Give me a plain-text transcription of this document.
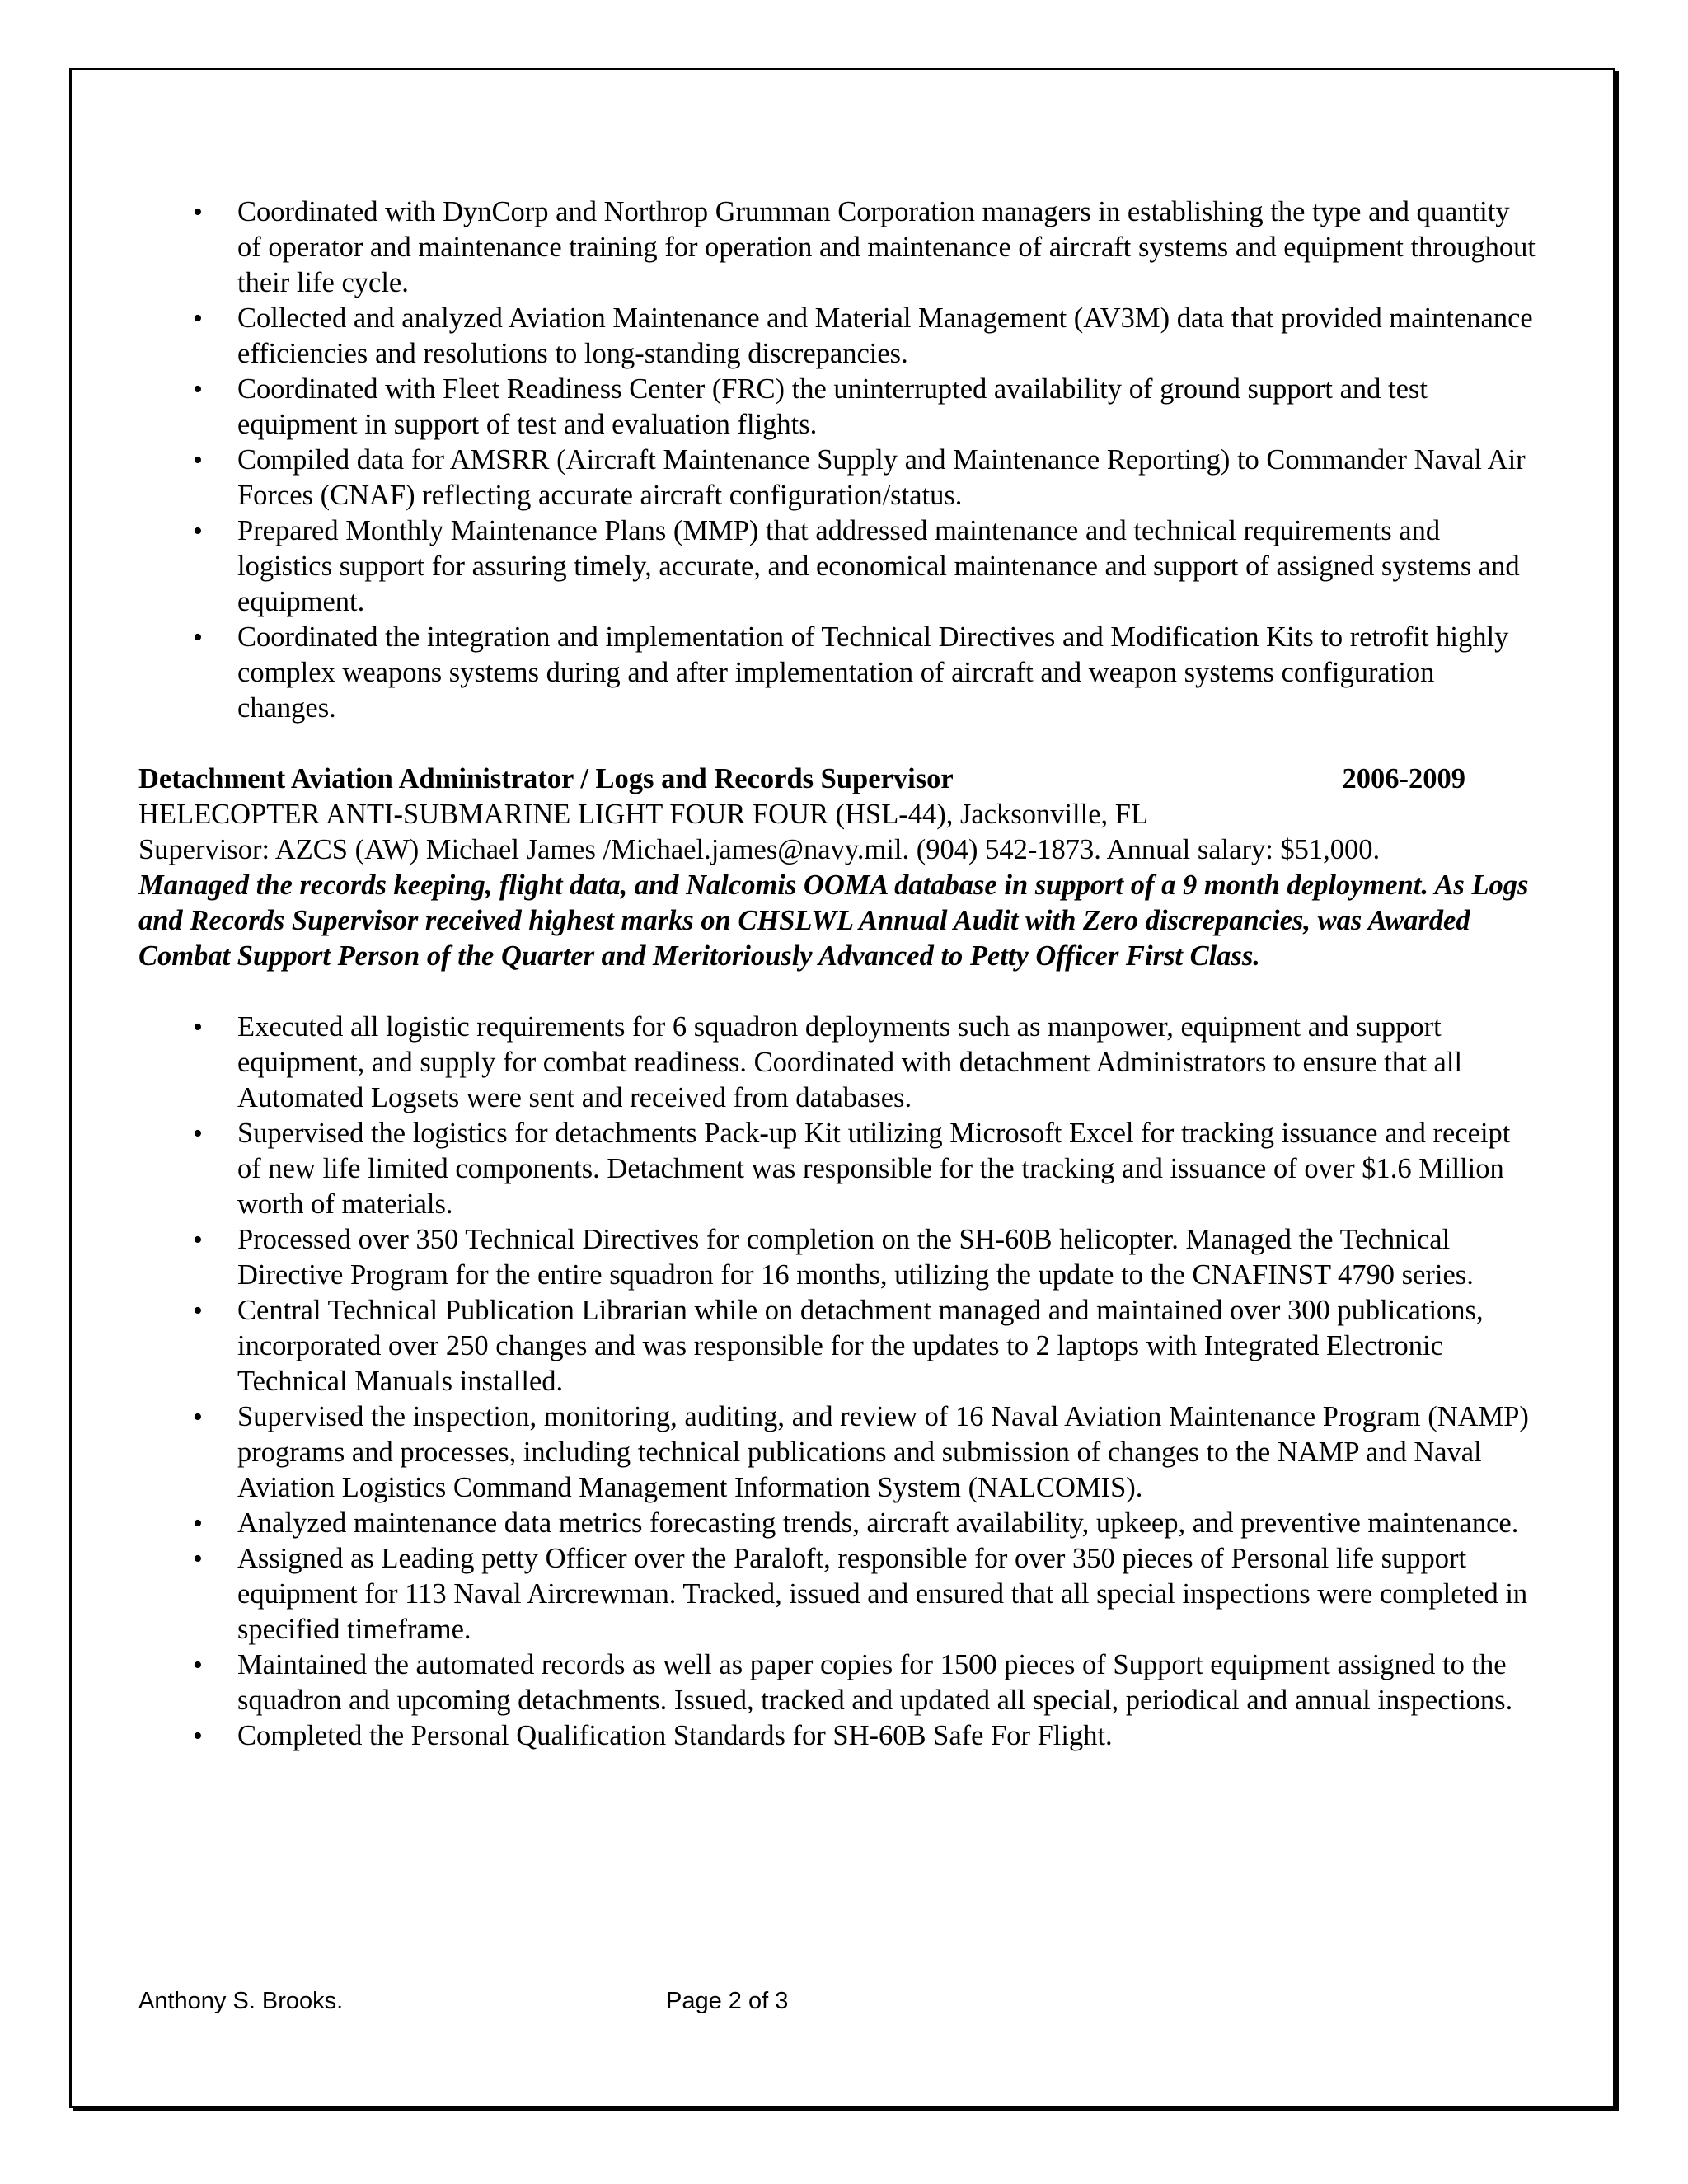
• Coordinated with DynCorp and Northrop Grumman Corporation managers in establishing the type and quantity of operator and maintenance training for operation and maintenance of aircraft systems and equipment throughout their life cycle.
• Collected and analyzed Aviation Maintenance and Material Management (AV3M) data that provided maintenance efficiencies and resolutions to long-standing discrepancies.
• Coordinated with Fleet Readiness Center (FRC) the uninterrupted availability of ground support and test equipment in support of test and evaluation flights.
• Compiled data for AMSRR (Aircraft Maintenance Supply and Maintenance Reporting) to Commander Naval Air Forces (CNAF) reflecting accurate aircraft configuration/status.
• Prepared Monthly Maintenance Plans (MMP) that addressed maintenance and technical requirements and logistics support for assuring timely, accurate, and economical maintenance and support of assigned systems and equipment.
• Coordinated the integration and implementation of Technical Directives and Modification Kits to retrofit highly complex weapons systems during and after implementation of aircraft and weapon systems configuration changes.
Detachment Aviation Administrator / Logs and Records Supervisor	2006-2009
HELECOPTER ANTI-SUBMARINE LIGHT FOUR FOUR (HSL-44), Jacksonville, FL
Supervisor: AZCS (AW) Michael James /Michael.james@navy.mil. (904) 542-1873. Annual salary: $51,000.
Managed the records keeping, flight data, and Nalcomis OOMA database in support of a 9 month deployment. As Logs and Records Supervisor received highest marks on CHSLWL Annual Audit with Zero discrepancies, was Awarded Combat Support Person of the Quarter and Meritoriously Advanced to Petty Officer First Class.
• Executed all logistic requirements for 6 squadron deployments such as manpower, equipment and support equipment, and supply for combat readiness. Coordinated with detachment Administrators to ensure that all Automated Logsets were sent and received from databases.
• Supervised the logistics for detachments Pack-up Kit utilizing Microsoft Excel for tracking issuance and receipt of new life limited components. Detachment was responsible for the tracking and issuance of over $1.6 Million worth of materials.
• Processed over 350 Technical Directives for completion on the SH-60B helicopter. Managed the Technical Directive Program for the entire squadron for 16 months, utilizing the update to the CNAFINST 4790 series.
• Central Technical Publication Librarian while on detachment managed and maintained over 300 publications, incorporated over 250 changes and was responsible for the updates to 2 laptops with Integrated Electronic Technical Manuals installed.
• Supervised the inspection, monitoring, auditing, and review of 16 Naval Aviation Maintenance Program (NAMP) programs and processes, including technical publications and submission of changes to the NAMP and Naval Aviation Logistics Command Management Information System (NALCOMIS).
• Analyzed maintenance data metrics forecasting trends, aircraft availability, upkeep, and preventive maintenance.
• Assigned as Leading petty Officer over the Paraloft, responsible for over 350 pieces of Personal life support equipment for 113 Naval Aircrewman. Tracked, issued and ensured that all special inspections were completed in specified timeframe.
• Maintained the automated records as well as paper copies for 1500 pieces of Support equipment assigned to the squadron and upcoming detachments. Issued, tracked and updated all special, periodical and annual inspections.
• Completed the Personal Qualification Standards for SH-60B Safe For Flight.
Anthony S. Brooks.	Page 2 of 3
